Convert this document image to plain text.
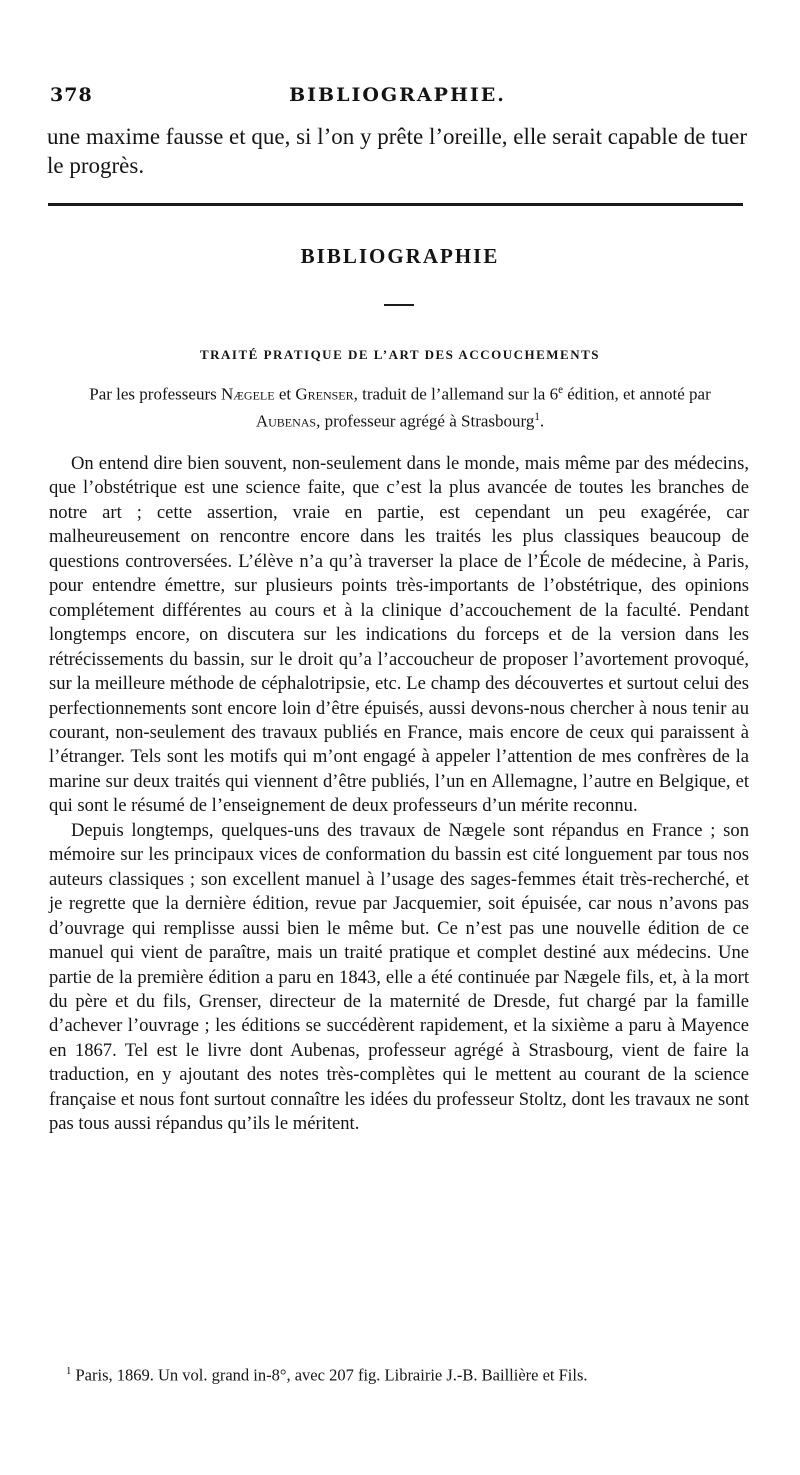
378	BIBLIOGRAPHIE.
une maxime fausse et que, si l’on y prête l’oreille, elle serait capable de tuer le progrès.
BIBLIOGRAPHIE
TRAITÉ PRATIQUE DE L’ART DES ACCOUCHEMENTS
Par les professeurs Nægele et Grenser, traduit de l’allemand sur la 6e édition, et annoté par Aubenas, professeur agrégé à Strasbourg$^1$.

On entend dire bien souvent, non-seulement dans le monde, mais même par des médecins, que l’obstétrique est une science faite, que c’est la plus avancée de toutes les branches de notre art ; cette assertion, vraie en partie, est cependant un peu exagérée, car malheureusement on rencontre encore dans les traités les plus classiques beaucoup de questions controversées. L’élève n’a qu’à traverser la place de l’École de médecine, à Paris, pour entendre émettre, sur plusieurs points très-importants de l’obstétrique, des opinions complétement différentes au cours et à la clinique d’accouchement de la faculté. Pendant longtemps encore, on discutera sur les indications du forceps et de la version dans les rétrécissements du bassin, sur le droit qu’a l’accoucheur de proposer l’avortement provoqué, sur la meilleure méthode de céphalotripsie, etc. Le champ des découvertes et surtout celui des perfectionnements sont encore loin d’être épuisés, aussi devons-nous chercher à nous tenir au courant, non-seulement des travaux publiés en France, mais encore de ceux qui paraissent à l’étranger. Tels sont les motifs qui m’ont engagé à appeler l’attention de mes confrères de la marine sur deux traités qui viennent d’être publiés, l’un en Allemagne, l’autre en Belgique, et qui sont le résumé de l’enseignement de deux professeurs d’un mérite reconnu.

Depuis longtemps, quelques-uns des travaux de Nægele sont répandus en France ; son mémoire sur les principaux vices de conformation du bassin est cité longuement par tous nos auteurs classiques ; son excellent manuel à l’usage des sages-femmes était très-recherché, et je regrette que la dernière édition, revue par Jacquemier, soit épuisée, car nous n’avons pas d’ouvrage qui remplisse aussi bien le même but. Ce n’est pas une nouvelle édition de ce manuel qui vient de paraître, mais un traité pratique et complet destiné aux médecins. Une partie de la première édition a paru en 1843, elle a été continuée par Nægele fils, et, à la mort du père et du fils, Grenser, directeur de la maternité de Dresde, fut chargé par la famille d’achever l’ouvrage ; les éditions se succédèrent rapidement, et la sixième a paru à Mayence en 1867. Tel est le livre dont Aubenas, professeur agrégé à Strasbourg, vient de faire la traduction, en y ajoutant des notes très-complètes qui le mettent au courant de la science française et nous font surtout connaître les idées du professeur Stoltz, dont les travaux ne sont pas tous aussi répandus qu’ils le méritent.

$^1$ Paris, 1869. Un vol. grand in-8°, avec 207 fig. Librairie J.-B. Baillière et Fils.
